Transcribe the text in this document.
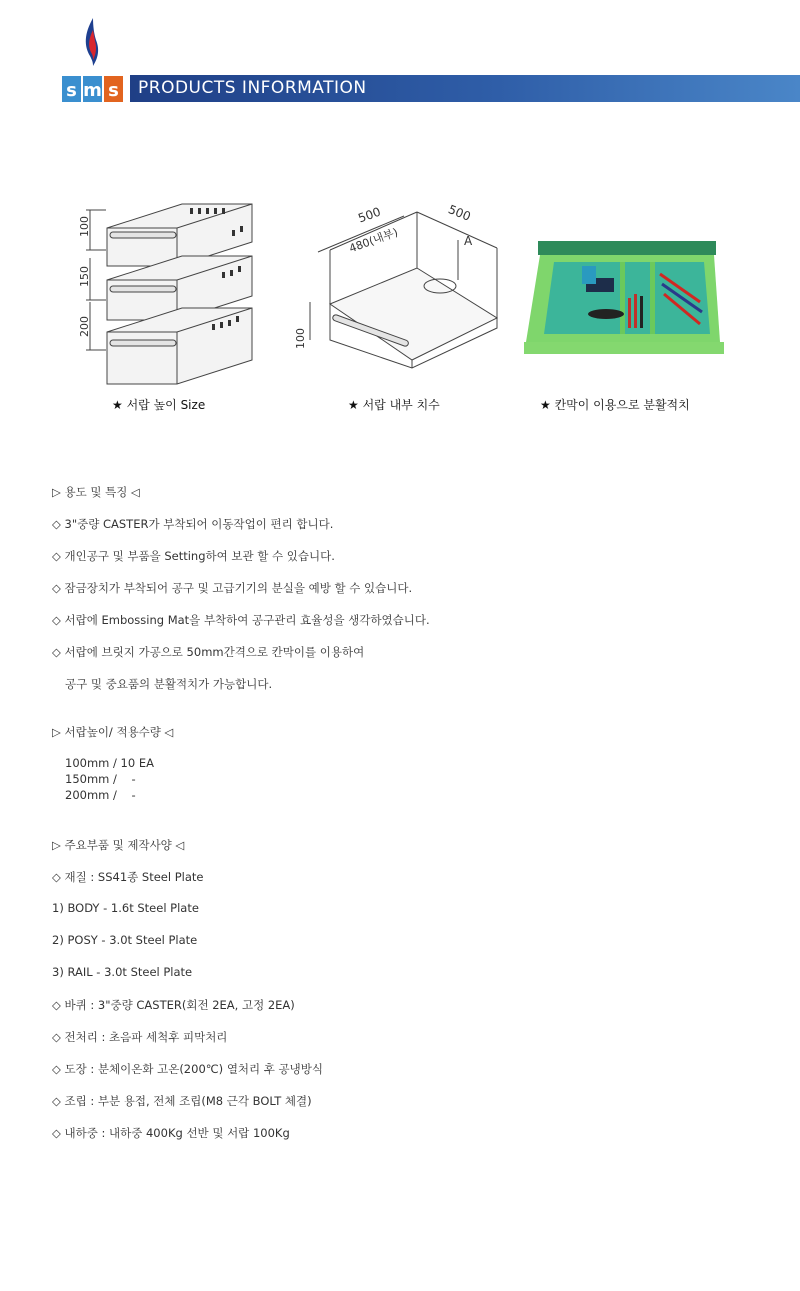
s m s PRODUCTS INFORMATION
100
150
200
★ 서랍 높이 Size
500	500
480(내부)	A
100
★ 서랍 내부 치수	★ 칸막이 이용으로 분활적치
▷ 용도 및 특징 ◁
◇ 3"중량 CASTER가 부착되어 이동작업이 편리 합니다.
◇ 개인공구 및 부품을 Setting하여 보관 할 수 있습니다.
◇ 잠금장치가 부착되어 공구 및 고급기기의 분실을 예방 할 수 있습니다.
◇ 서랍에 Embossing Mat을 부착하여 공구관리 효율성을 생각하였습니다.
◇ 서랍에 브릿지 가공으로 50mm간격으로 칸막이를 이용하여
공구 및 중요품의 분활적치가 가능합니다.
▷ 서랍높이/ 적용수량 ◁
100mm / 10 EA
150mm /    -
200mm /    -
▷ 주요부품 및 제작사양 ◁
◇ 재질 : SS41종 Steel Plate
1) BODY - 1.6t Steel Plate
2) POSY - 3.0t Steel Plate
3) RAIL - 3.0t Steel Plate
◇ 바퀴 : 3"중량 CASTER(회전 2EA, 고정 2EA)
◇ 전처리 : 초음파 세척후 피막처리
◇ 도장 : 분체이온화 고온(200℃) 열처리 후 공냉방식
◇ 조립 : 부분 용접, 전체 조립(M8 근각 BOLT 체결)
◇ 내하중 : 내하중 400Kg 선반 및 서랍 100Kg
